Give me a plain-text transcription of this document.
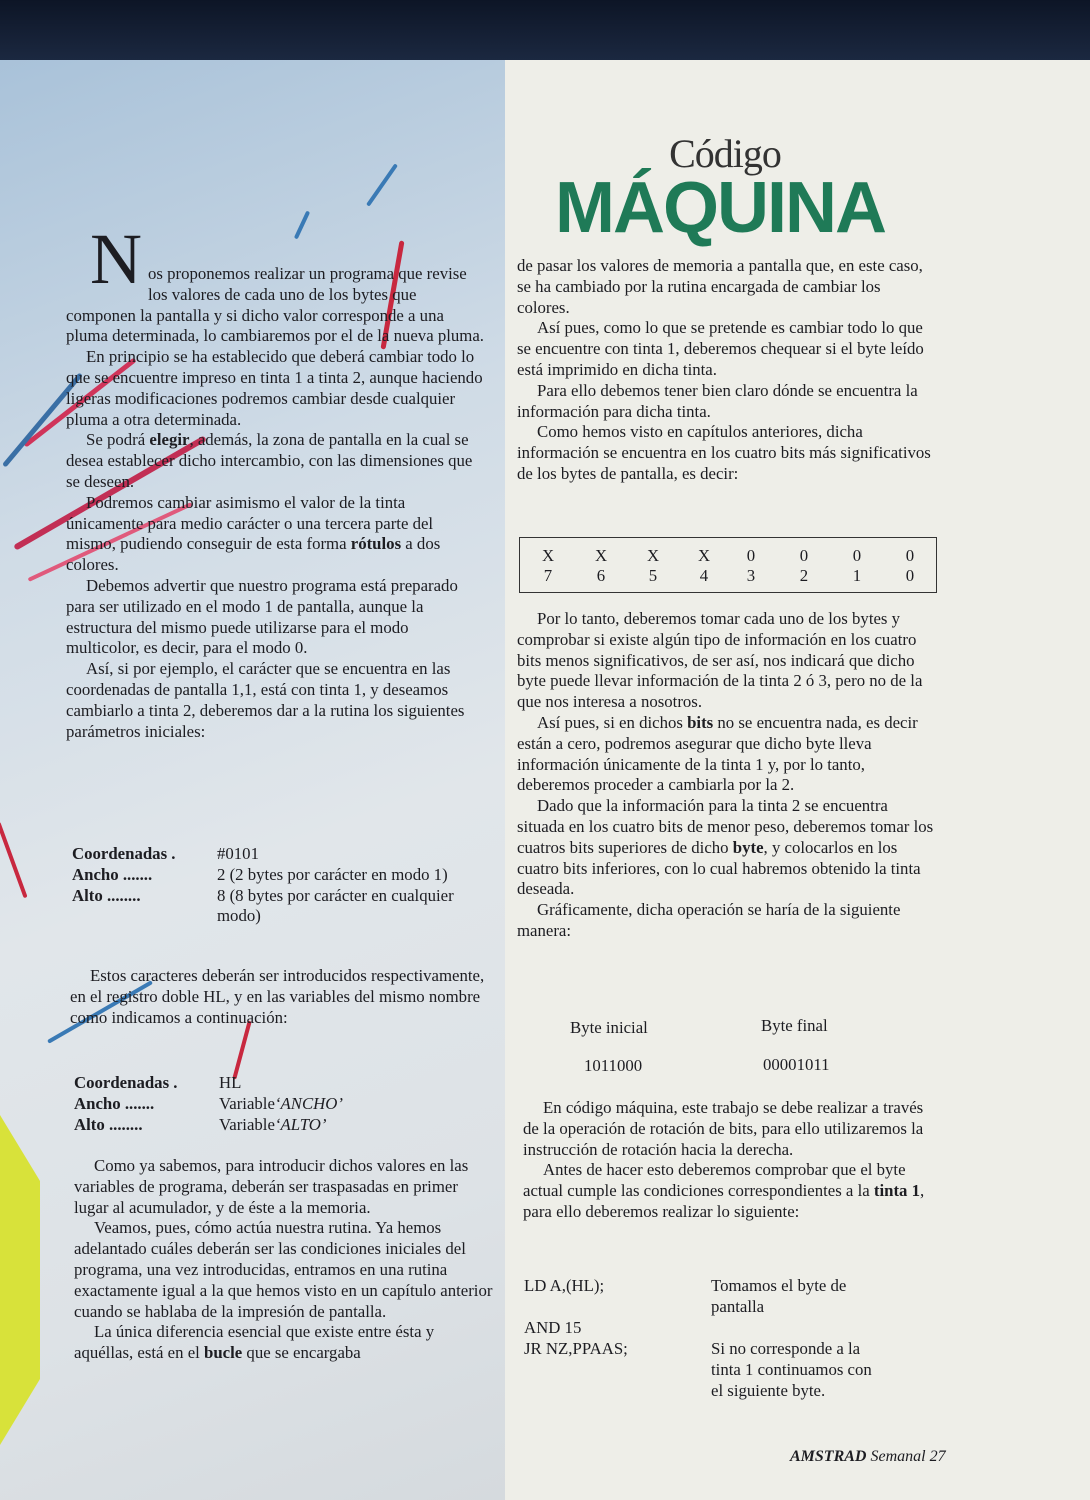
Código
MÁQUINA

Nos proponemos realizar un programa que revise los valores de cada uno de los bytes que componen la pantalla y si dicho valor corresponde a una pluma determinada, lo cambiaremos por el de la nueva pluma.

En principio se ha establecido que deberá cambiar todo lo que se encuentre impreso en tinta 1 a tinta 2, aunque haciendo ligeras modificaciones podremos cambiar desde cualquier pluma a otra determinada.

Se podrá elegir, además, la zona de pantalla en la cual se desea establecer dicho intercambio, con las dimensiones que se deseen.

Podremos cambiar asimismo el valor de la tinta únicamente para medio carácter o una tercera parte del mismo, pudiendo conseguir de esta forma rótulos a dos colores.

Debemos advertir que nuestro programa está preparado para ser utilizado en el modo 1 de pantalla, aunque la estructura del mismo puede utilizarse para el modo multicolor, es decir, para el modo 0.

Así, si por ejemplo, el carácter que se encuentra en las coordenadas de pantalla 1,1, está con tinta 1, y deseamos cambiarlo a tinta 2, deberemos dar a la rutina los siguientes parámetros iniciales:

Coordenadas .	#0101
Ancho .......	2 (2 bytes por carácter en modo 1)
Alto ........	8 (8 bytes por carácter en cualquier modo)

Estos caracteres deberán ser introducidos respectivamente, en el registro doble HL, y en las variables del mismo nombre como indicamos a continuación:

Coordenadas .	HL
Ancho .......	Variable ‘ANCHO’
Alto ........	Variable ‘ALTO’

Como ya sabemos, para introducir dichos valores en las variables de programa, deberán ser traspasadas en primer lugar al acumulador, y de éste a la memoria.

Veamos, pues, cómo actúa nuestra rutina. Ya hemos adelantado cuáles deberán ser las condiciones iniciales del programa, una vez introducidas, entramos en una rutina exactamente igual a la que hemos visto en un capítulo anterior cuando se hablaba de la impresión de pantalla.

La única diferencia esencial que existe entre ésta y aquéllas, está en el bucle que se encargaba

de pasar los valores de memoria a pantalla que, en este caso, se ha cambiado por la rutina encargada de cambiar los colores.

Así pues, como lo que se pretende es cambiar todo lo que se encuentre con tinta 1, deberemos chequear si el byte leído está imprimido en dicha tinta.

Para ello debemos tener bien claro dónde se encuentra la información para dicha tinta.

Como hemos visto en capítulos anteriores, dicha información se encuentra en los cuatro bits más significativos de los bytes de pantalla, es decir:

X	X	X	X	0	0	0	0
7	6	5	4	3	2	1	0

Por lo tanto, deberemos tomar cada uno de los bytes y comprobar si existe algún tipo de información en los cuatro bits menos significativos, de ser así, nos indicará que dicho byte puede llevar información de la tinta 2 ó 3, pero no de la que nos interesa a nosotros.

Así pues, si en dichos bits no se encuentra nada, es decir están a cero, podremos asegurar que dicho byte lleva información únicamente de la tinta 1 y, por lo tanto, deberemos proceder a cambiarla por la 2.

Dado que la información para la tinta 2 se encuentra situada en los cuatro bits de menor peso, deberemos tomar los cuatros bits superiores de dicho byte, y colocarlos en los cuatro bits inferiores, con lo cual habremos obtenido la tinta deseada.

Gráficamente, dicha operación se haría de la siguiente manera:

Byte inicial	Byte final
1011000	00001011

En código máquina, este trabajo se debe realizar a través de la operación de rotación de bits, para ello utilizaremos la instrucción de rotación hacia la derecha.

Antes de hacer esto deberemos comprobar que el byte actual cumple las condiciones correspondientes a la tinta 1, para ello deberemos realizar lo siguiente:

LD A,(HL);	Tomamos el byte de pantalla
AND 15
JR NZ,PPAAS;	Si no corresponde a la tinta 1 continuamos con el siguiente byte.
AMSTRAD Semanal 27
